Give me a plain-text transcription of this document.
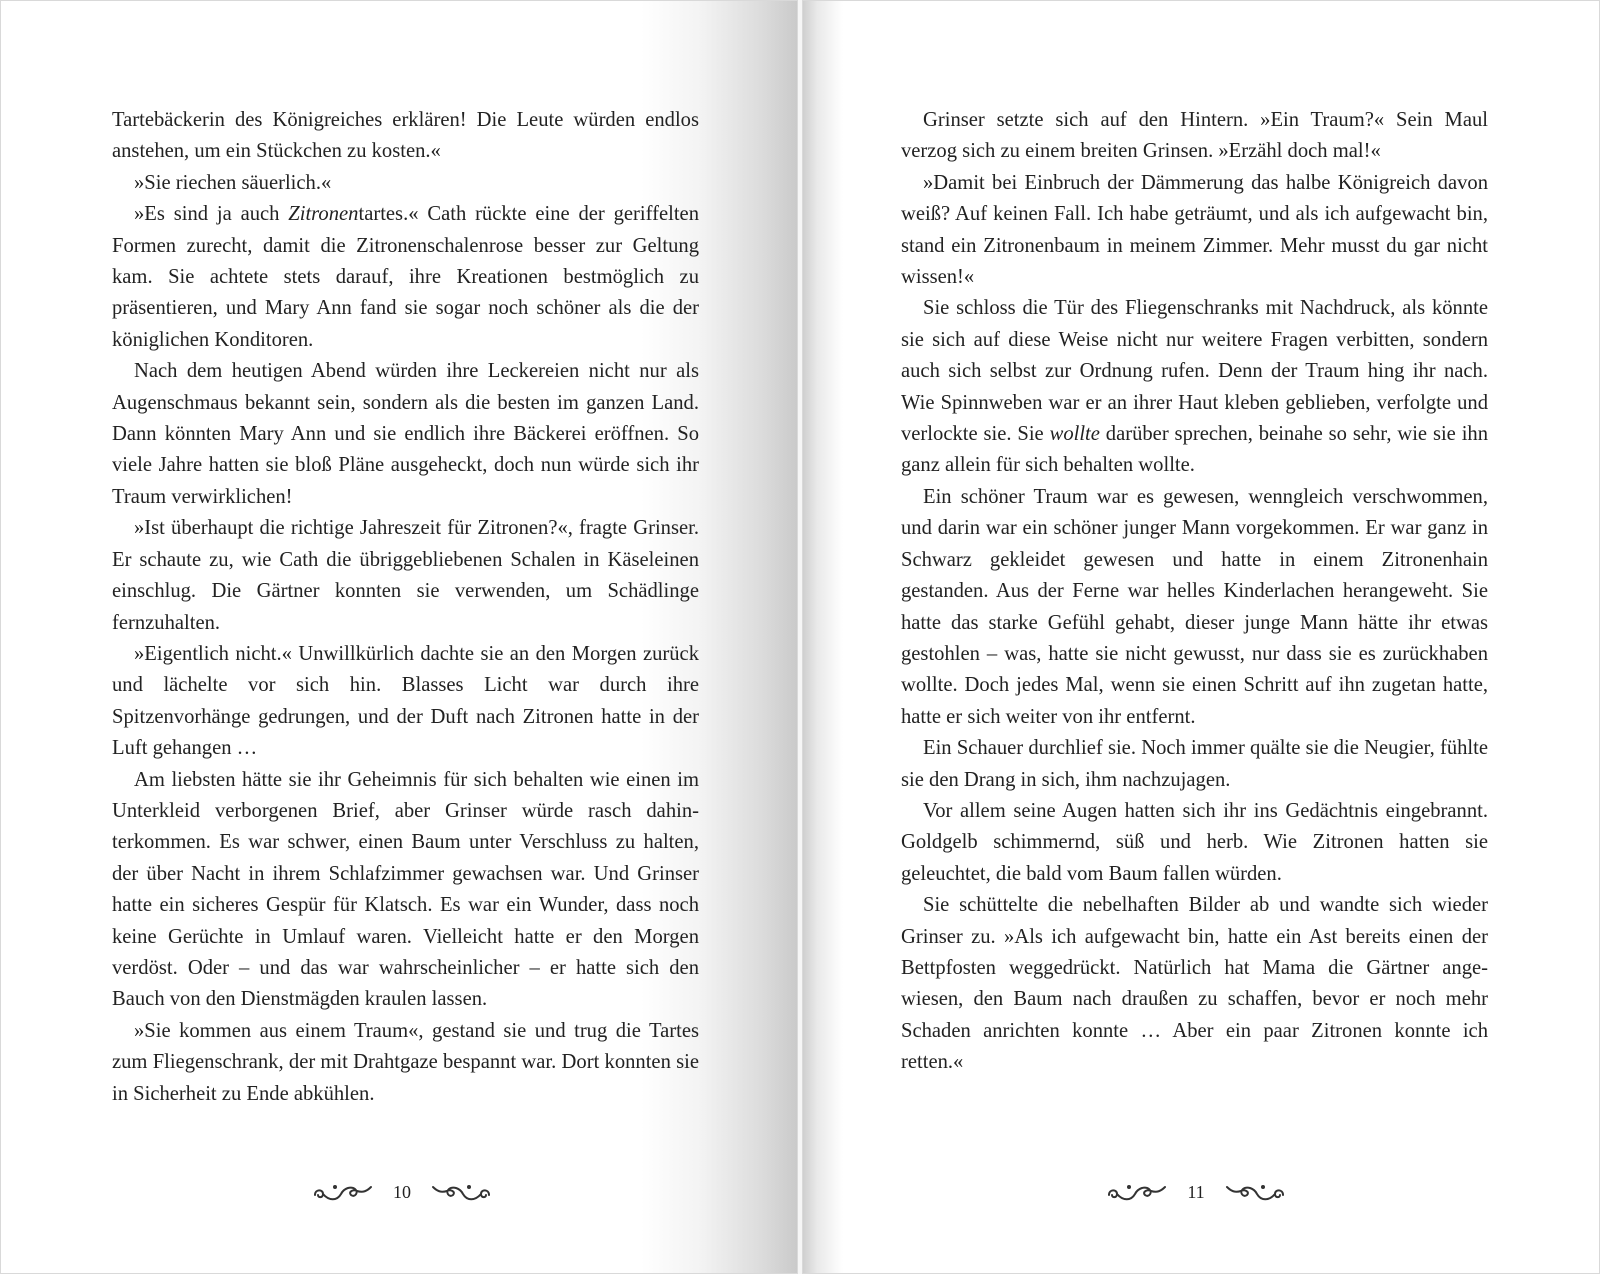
Tartebäckerin des Königreiches erklären! Die Leute würden endlos anstehen, um ein Stückchen zu kosten.«

»Sie riechen säuerlich.«

»Es sind ja auch Zitronentartes.« Cath rückte eine der geriffelten Formen zurecht, damit die Zitronenschalenrose besser zur Geltung kam. Sie achtete stets darauf, ihre Kreationen bestmöglich zu präsentieren, und Mary Ann fand sie sogar noch schöner als die der königlichen Konditoren.

Nach dem heutigen Abend würden ihre Leckereien nicht nur als Augenschmaus bekannt sein, sondern als die besten im ganzen Land. Dann könnten Mary Ann und sie endlich ihre Bäckerei eröffnen. So viele Jahre hatten sie bloß Pläne ausgeheckt, doch nun würde sich ihr Traum verwirklichen!

»Ist überhaupt die richtige Jahreszeit für Zitronen?«, fragte Grinser. Er schaute zu, wie Cath die übriggebliebenen Schalen in Käseleinen einschlug. Die Gärtner konnten sie verwenden, um Schädlinge fernzuhalten.

»Eigentlich nicht.« Unwillkürlich dachte sie an den Morgen zurück und lächelte vor sich hin. Blasses Licht war durch ihre Spitzenvorhänge gedrungen, und der Duft nach Zitronen hatte in der Luft gehangen …

Am liebsten hätte sie ihr Geheimnis für sich behalten wie einen im Unterkleid verborgenen Brief, aber Grinser würde rasch dahinterkommen. Es war schwer, einen Baum unter Verschluss zu halten, der über Nacht in ihrem Schlafzimmer gewachsen war. Und Grinser hatte ein sicheres Gespür für Klatsch. Es war ein Wunder, dass noch keine Gerüchte in Umlauf waren. Vielleicht hatte er den Morgen verdöst. Oder – und das war wahrscheinlicher – er hatte sich den Bauch von den Dienstmägden kraulen lassen.

»Sie kommen aus einem Traum«, gestand sie und trug die Tartes zum Fliegenschrank, der mit Drahtgaze bespannt war. Dort konnten sie in Sicherheit zu Ende abkühlen.

10

Grinser setzte sich auf den Hintern. »Ein Traum?« Sein Maul verzog sich zu einem breiten Grinsen. »Erzähl doch mal!«

»Damit bei Einbruch der Dämmerung das halbe Königreich davon weiß? Auf keinen Fall. Ich habe geträumt, und als ich aufgewacht bin, stand ein Zitronenbaum in meinem Zimmer. Mehr musst du gar nicht wissen!«

Sie schloss die Tür des Fliegenschranks mit Nachdruck, als könnte sie sich auf diese Weise nicht nur weitere Fragen verbitten, sondern auch sich selbst zur Ordnung rufen. Denn der Traum hing ihr nach. Wie Spinnweben war er an ihrer Haut kleben geblieben, verfolgte und verlockte sie. Sie wollte darüber sprechen, beinahe so sehr, wie sie ihn ganz allein für sich behalten wollte.

Ein schöner Traum war es gewesen, wenngleich verschwommen, und darin war ein schöner junger Mann vorgekommen. Er war ganz in Schwarz gekleidet gewesen und hatte in einem Zitronenhain gestanden. Aus der Ferne war helles Kinderlachen herangeweht. Sie hatte das starke Gefühl gehabt, dieser junge Mann hätte ihr etwas gestohlen – was, hatte sie nicht gewusst, nur dass sie es zurückhaben wollte. Doch jedes Mal, wenn sie einen Schritt auf ihn zugetan hatte, hatte er sich weiter von ihr entfernt.

Ein Schauer durchlief sie. Noch immer quälte sie die Neugier, fühlte sie den Drang in sich, ihm nachzujagen.

Vor allem seine Augen hatten sich ihr ins Gedächtnis eingebrannt. Goldgelb schimmernd, süß und herb. Wie Zitronen hatten sie geleuchtet, die bald vom Baum fallen würden.

Sie schüttelte die nebelhaften Bilder ab und wandte sich wieder Grinser zu. »Als ich aufgewacht bin, hatte ein Ast bereits einen der Bettpfosten weggedrückt. Natürlich hat Mama die Gärtner angewiesen, den Baum nach draußen zu schaffen, bevor er noch mehr Schaden anrichten konnte … Aber ein paar Zitronen konnte ich retten.«

11
